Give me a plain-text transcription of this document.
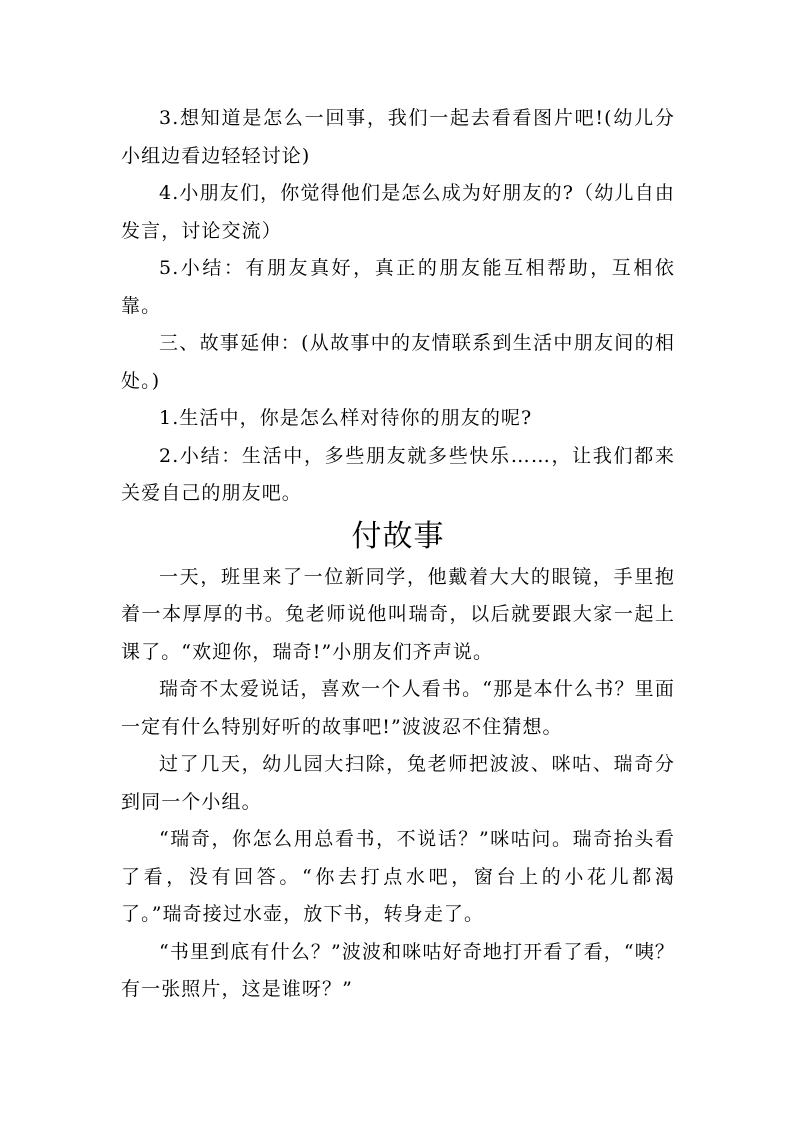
3.想知道是怎么一回事，我们一起去看看图片吧!(幼儿分小组边看边轻轻讨论)

4.小朋友们，你觉得他们是怎么成为好朋友的?（幼儿自由发言，讨论交流）

5.小结：有朋友真好，真正的朋友能互相帮助，互相依靠。

三、故事延伸：(从故事中的友情联系到生活中朋友间的相处。)

1.生活中，你是怎么样对待你的朋友的呢?

2.小结：生活中，多些朋友就多些快乐……，让我们都来关爱自己的朋友吧。

付故事

一天，班里来了一位新同学，他戴着大大的眼镜，手里抱着一本厚厚的书。兔老师说他叫瑞奇，以后就要跟大家一起上课了。“欢迎你，瑞奇!”小朋友们齐声说。

瑞奇不太爱说话，喜欢一个人看书。“那是本什么书？里面一定有什么特别好听的故事吧!”波波忍不住猜想。

过了几天，幼儿园大扫除，兔老师把波波、咪咕、瑞奇分到同一个小组。

“瑞奇，你怎么用总看书，不说话？”咪咕问。瑞奇抬头看了看，没有回答。“你去打点水吧，窗台上的小花儿都渴了。”瑞奇接过水壶，放下书，转身走了。

“书里到底有什么？”波波和咪咕好奇地打开看了看，“咦？有一张照片，这是谁呀？”
